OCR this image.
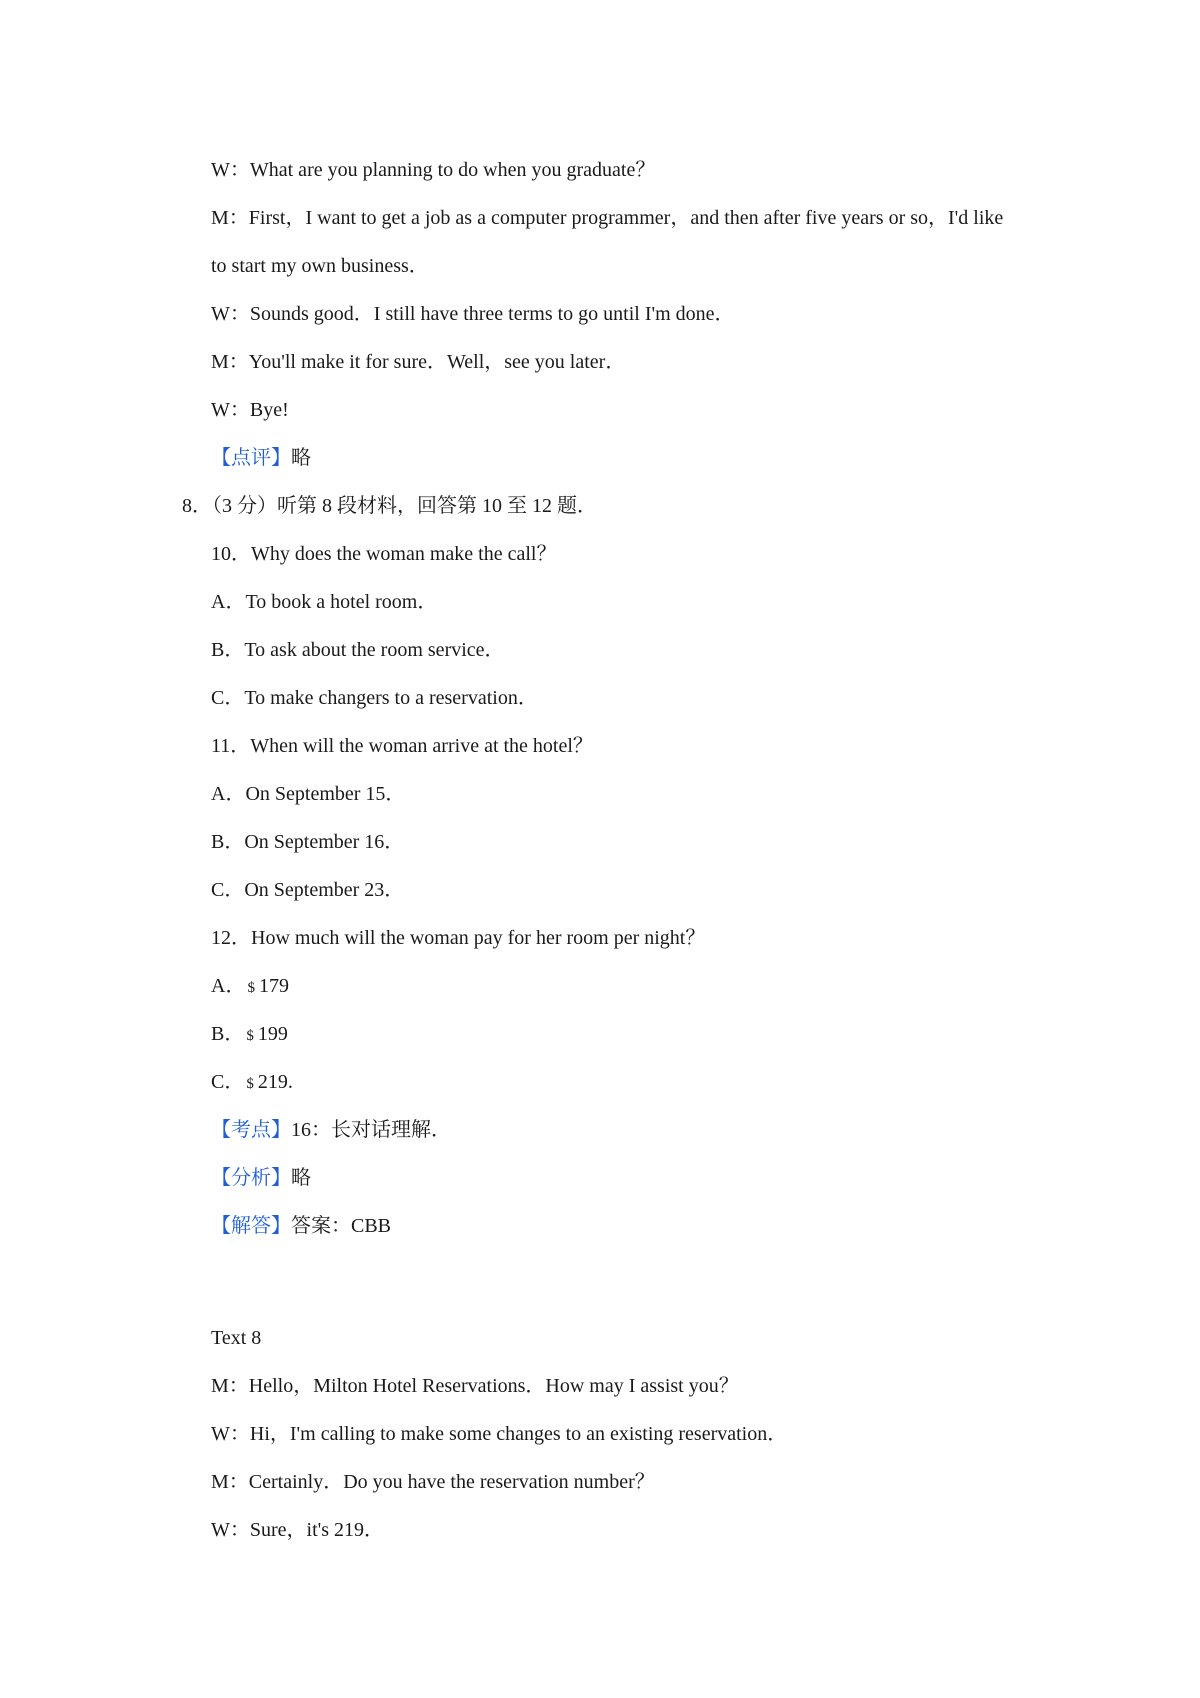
W：What are you planning to do when you graduate？
M：First，I want to get a job as a computer programmer，and then after five years or so，I'd like
to start my own business．
W：Sounds good．I still have three terms to go until I'm done．
M：You'll make it for sure．Well，see you later．
W：Bye!
【点评】略
8．（3 分）听第 8 段材料，回答第 10 至 12 题．
10．Why does the woman make the call？
A．To book a hotel room．
B．To ask about the room service．
C．To make changers to a reservation．
11．When will the woman arrive at the hotel？
A．On September 15．
B．On September 16．
C．On September 23．
12．How much will the woman pay for her room per night？
A． $ 179
B． $ 199
C． $ 219.
【考点】16：长对话理解．
【分析】略
【解答】答案：CBB
Text 8
M：Hello，Milton Hotel Reservations．How may I assist you？
W：Hi，I'm calling to make some changes to an existing reservation．
M：Certainly．Do you have the reservation number？
W：Sure，it's 219．
